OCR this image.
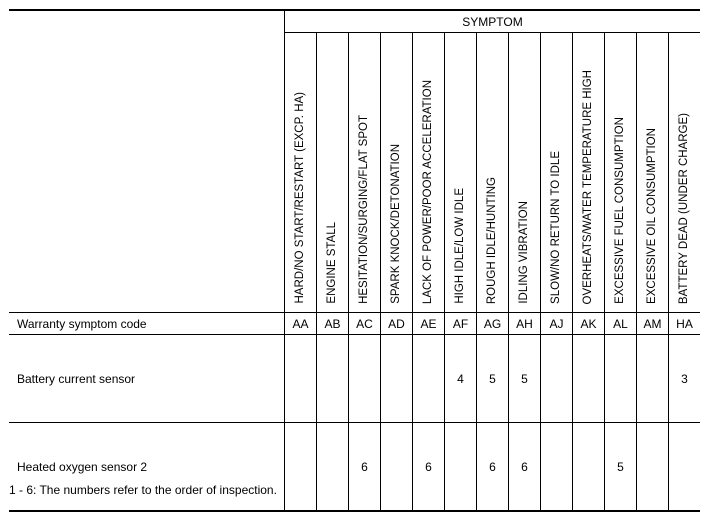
	SYMPTOM												

	HARD/NO START/RESTART (EXCP. HA)	ENGINE STALL	HESITATION/SURGING/FLAT SPOT	SPARK KNOCK/DETONATION	LACK OF POWER/POOR ACCELERATION	HIGH IDLE/LOW IDLE	ROUGH IDLE/HUNTING	IDLING VIBRATION	SLOW/NO RETURN TO IDLE	OVERHEATS/WATER TEMPERATURE HIGH	EXCESSIVE FUEL CONSUMPTION	EXCESSIVE OIL CONSUMPTION	BATTERY DEAD (UNDER CHARGE)

Warranty symptom code	AA	AB	AC	AD	AE	AF	AG	AH	AJ	AK	AL	AM	HA
Battery current sensor						4	5	5					3
Heated oxygen sensor 2			6		6		6	6			5		
1 - 6: The numbers refer to the order of inspection.
